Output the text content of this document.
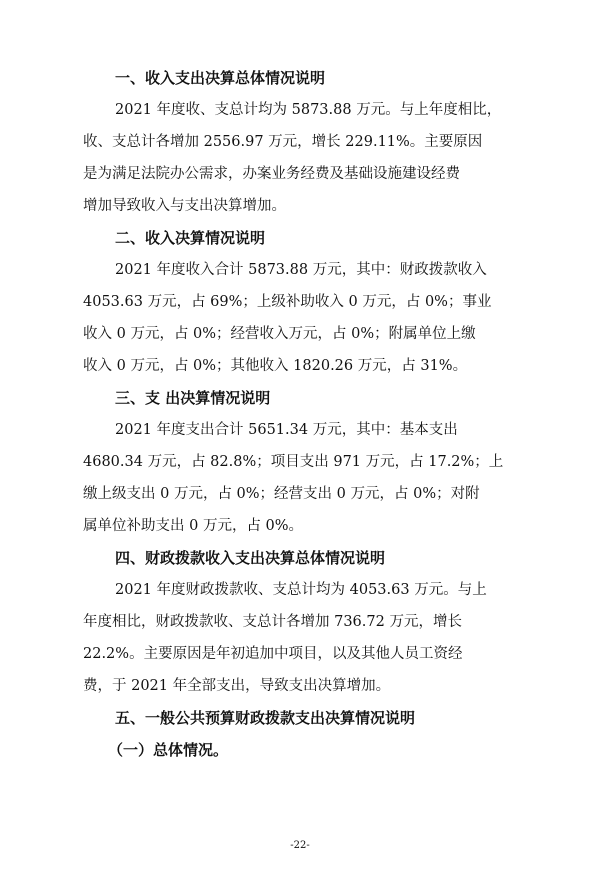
一、收入支出决算总体情况说明
2021 年度收、支总计均为 5873.88 万元。与上年度相比，
收、支总计各增加 2556.97 万元，增长 229.11%。主要原因
是为满足法院办公需求，办案业务经费及基础设施建设经费
增加导致收入与支出决算增加。
二、收入决算情况说明
2021 年度收入合计 5873.88 万元，其中：财政拨款收入
4053.63 万元，占 69%；上级补助收入 0 万元，占 0%；事业
收入 0 万元，占 0%；经营收入万元，占 0%；附属单位上缴
收入 0 万元，占 0%；其他收入 1820.26 万元，占 31%。
三、支 出决算情况说明
2021 年度支出合计 5651.34 万元，其中：基本支出
4680.34 万元，占 82.8%；项目支出 971 万元，占 17.2%；上
缴上级支出 0 万元，占 0%；经营支出 0 万元，占 0%；对附
属单位补助支出 0 万元，占 0%。
四、财政拨款收入支出决算总体情况说明
2021 年度财政拨款收、支总计均为 4053.63 万元。与上
年度相比，财政拨款收、支总计各增加 736.72 万元，增长
22.2%。主要原因是年初追加中项目，以及其他人员工资经
费，于 2021 年全部支出，导致支出决算增加。
五、一般公共预算财政拨款支出决算情况说明
（一）总体情况。
-22-
